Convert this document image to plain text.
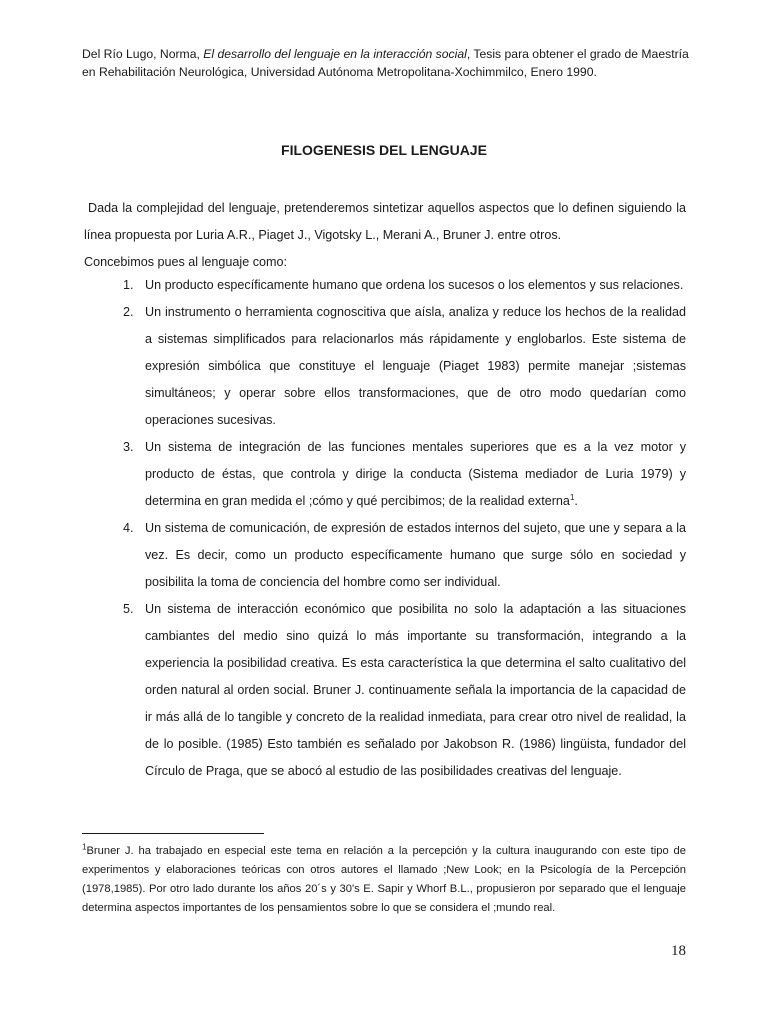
Del Río Lugo, Norma, El desarrollo del lenguaje en la interacción social, Tesis para obtener el grado de Maestría en Rehabilitación Neurológica, Universidad Autónoma Metropolitana-Xochimmilco, Enero 1990.
FILOGENESIS DEL LENGUAJE

Dada la complejidad del lenguaje, pretenderemos sintetizar aquellos aspectos que lo definen siguiendo la línea propuesta por Luria A.R., Piaget J., Vigotsky L., Merani A., Bruner J. entre otros.

Concebimos pues al lenguaje como:

1. Un producto específicamente humano que ordena los sucesos o los elementos y sus relaciones.
2. Un instrumento o herramienta cognoscitiva que aísla, analiza y reduce los hechos de la realidad a sistemas simplificados para relacionarlos más rápidamente y englobarlos. Este sistema de expresión simbólica que constituye el lenguaje (Piaget 1983) permite manejar ;sistemas simultáneos; y operar sobre ellos transformaciones, que de otro modo quedarían como operaciones sucesivas.
3. Un sistema de integración de las funciones mentales superiores que es a la vez motor y producto de éstas, que controla y dirige la conducta (Sistema mediador de Luria 1979) y determina en gran medida el ;cómo y qué percibimos; de la realidad externa$^1$.
4. Un sistema de comunicación, de expresión de estados internos del sujeto, que une y separa a la vez. Es decir, como un producto específicamente humano que surge sólo en sociedad y posibilita la toma de conciencia del hombre como ser individual.
5. Un sistema de interacción económico que posibilita no solo la adaptación a las situaciones cambiantes del medio sino quizá lo más importante su transformación, integrando a la experiencia la posibilidad creativa. Es esta característica la que determina el salto cualitativo del orden natural al orden social. Bruner J. continuamente señala la importancia de la capacidad de ir más allá de lo tangible y concreto de la realidad inmediata, para crear otro nivel de realidad, la de lo posible. (1985) Esto también es señalado por Jakobson R. (1986) lingüista, fundador del Círculo de Praga, que se abocó al estudio de las posibilidades creativas del lenguaje.
$^1$Bruner J. ha trabajado en especial este tema en relación a la percepción y la cultura inaugurando con este tipo de experimentos y elaboraciones teóricas con otros autores el llamado ;New Look; en la Psicología de la Percepción (1978,1985). Por otro lado durante los años 20´s y 30's E. Sapir y Whorf B.L., propusieron por separado que el lenguaje determina aspectos importantes de los pensamientos sobre lo que se considera el ;mundo real.
18
